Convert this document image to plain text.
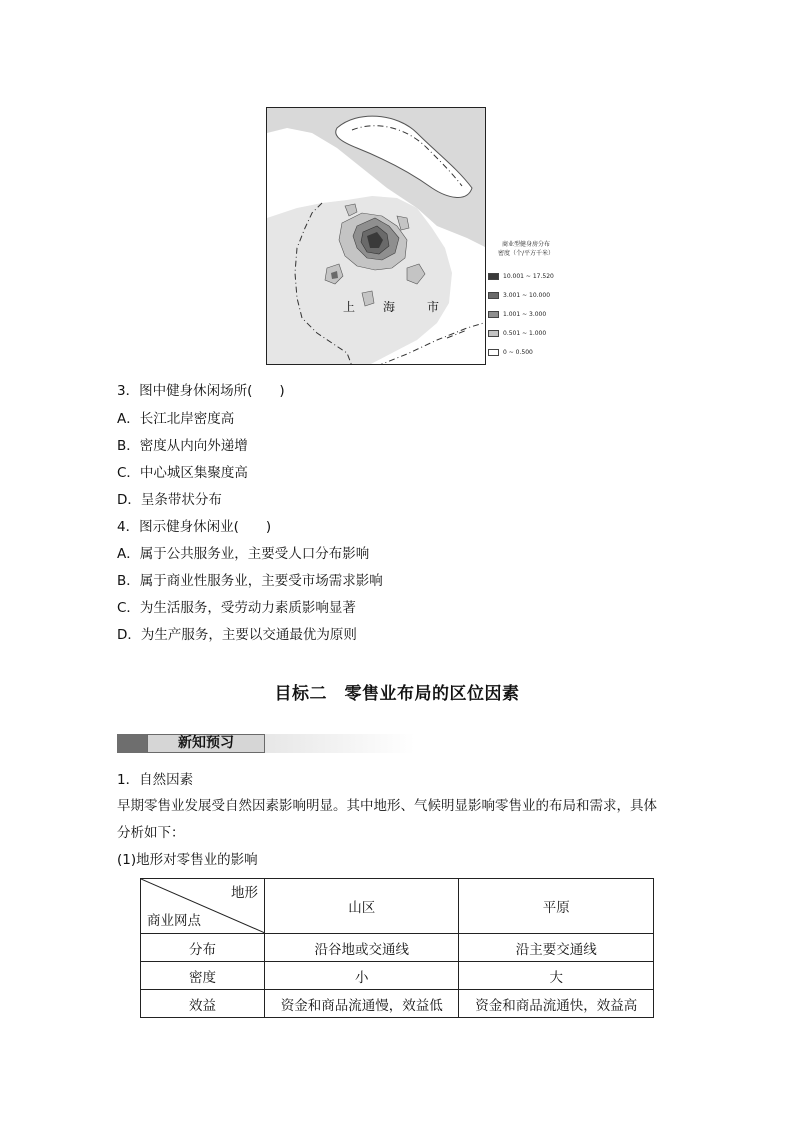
上 海	市
商业型健身房分布
密度（个/平方千米）
10.001 ~ 17.520
3.001 ~ 10.000
1.001 ~ 3.000
0.501 ~ 1.000
0 ~ 0.500
3．图中健身休闲场所(　　)
A．长江北岸密度高
B．密度从内向外递增
C．中心城区集聚度高
D．呈条带状分布
4．图示健身休闲业(　　)
A．属于公共服务业，主要受人口分布影响
B．属于商业性服务业，主要受市场需求影响
C．为生活服务，受劳动力素质影响显著
D．为生产服务，主要以交通最优为原则
目标二　零售业布局的区位因素
新知预习
1．自然因素
早期零售业发展受自然因素影响明显。其中地形、气候明显影响零售业的布局和需求，具体
分析如下：
(1)地形对零售业的影响
地形
商业网点	山区	平原
分布	沿谷地或交通线	沿主要交通线
密度	小	大
效益	资金和商品流通慢，效益低	资金和商品流通快，效益高
